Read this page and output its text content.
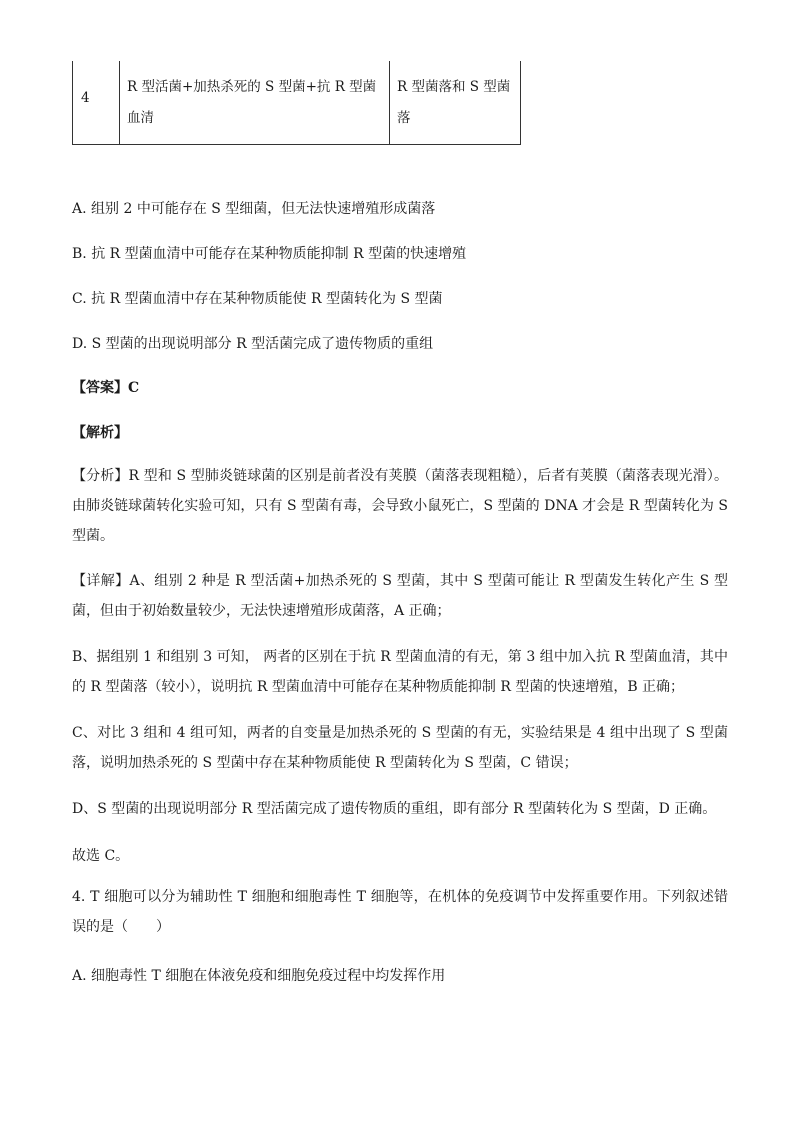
4
R 型活菌+加热杀死的 S 型菌+抗 R 型菌血清
R 型菌落和 S 型菌落
A. 组别 2 中可能存在 S 型细菌，但无法快速增殖形成菌落
B. 抗 R 型菌血清中可能存在某种物质能抑制 R 型菌的快速增殖
C. 抗 R 型菌血清中存在某种物质能使 R 型菌转化为 S 型菌
D. S 型菌的出现说明部分 R 型活菌完成了遗传物质的重组
【答案】C
【解析】
【分析】R 型和 S 型肺炎链球菌的区别是前者没有荚膜（菌落表现粗糙），后者有荚膜（菌落表现光滑）。由肺炎链球菌转化实验可知，只有 S 型菌有毒，会导致小鼠死亡，S 型菌的 DNA 才会是 R 型菌转化为 S 型菌。
【详解】A、组别 2 种是 R 型活菌+加热杀死的 S 型菌，其中 S 型菌可能让 R 型菌发生转化产生 S 型菌，但由于初始数量较少，无法快速增殖形成菌落，A 正确；
B、据组别 1 和组别 3 可知， 两者的区别在于抗 R 型菌血清的有无，第 3 组中加入抗 R 型菌血清，其中的 R 型菌落（较小），说明抗 R 型菌血清中可能存在某种物质能抑制 R 型菌的快速增殖，B 正确；
C、对比 3 组和 4 组可知，两者的自变量是加热杀死的 S 型菌的有无，实验结果是 4 组中出现了 S 型菌落，说明加热杀死的 S 型菌中存在某种物质能使 R 型菌转化为 S 型菌，C 错误；
D、S 型菌的出现说明部分 R 型活菌完成了遗传物质的重组，即有部分 R 型菌转化为 S 型菌，D 正确。
故选 C。
4. T 细胞可以分为辅助性 T 细胞和细胞毒性 T 细胞等，在机体的免疫调节中发挥重要作用。下列叙述错误的是（　　）
A. 细胞毒性 T 细胞在体液免疫和细胞免疫过程中均发挥作用
